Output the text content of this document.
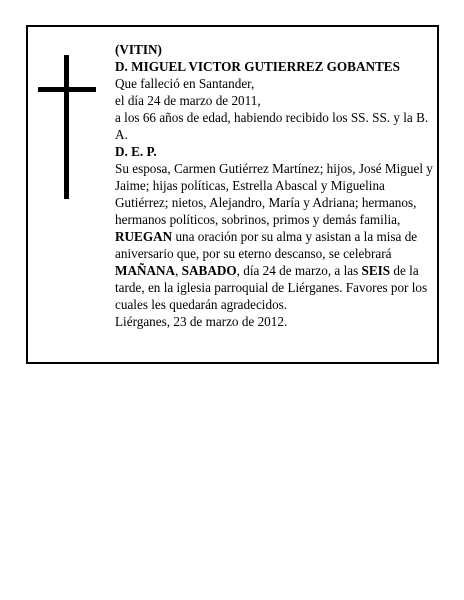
(VITIN)

D. MIGUEL VICTOR GUTIERREZ GOBANTES

Que falleció en Santander,

el día 24 de marzo de 2011,

a los 66 años de edad, habiendo recibido los SS. SS. y la B. A.

D. E. P.

Su esposa, Carmen Gutiérrez Martínez; hijos, José Miguel y Jaime; hijas políticas, Estrella Abascal y Miguelina Gutiérrez; nietos, Alejandro, María y Adriana; hermanos, hermanos políticos, sobrinos, primos y demás familia,

RUEGAN una oración por su alma y asistan a la misa de aniversario que, por su eterno descanso, se celebrará MAÑANA, SABADO, día 24 de marzo, a las SEIS de la tarde, en la iglesia parroquial de Liérganes. Favores por los cuales les quedarán agradecidos.

Liérganes, 23 de marzo de 2012.
